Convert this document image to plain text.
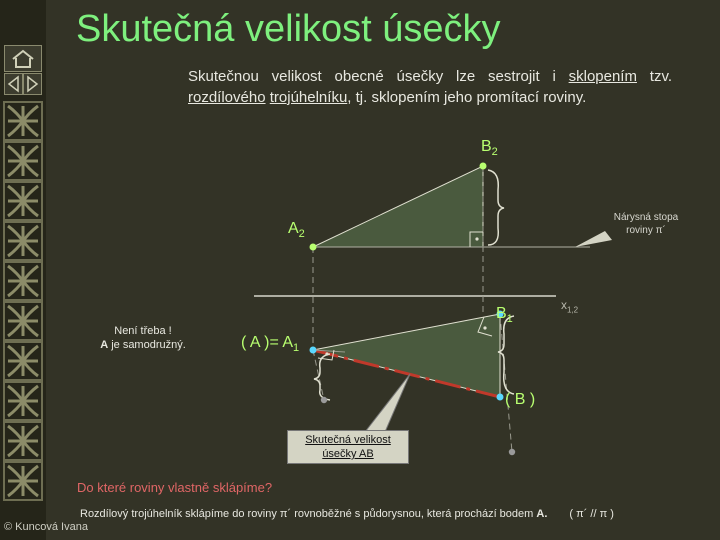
Skutečná velikost úsečky
Skutečnou velikost obecné úsečky lze sestrojit i sklopením tzv. rozdílového trojúhelníku, tj. sklopením jeho promítací roviny.
$B_2$
$A_2$
$B_1$
( A )= $A_1$
( B )
$x_{1,2}$
Nárysná stopa roviny π´
Není třeba !
A je samodružný.
Skutečná velikost úsečky AB
Do které roviny vlastně sklápíme?
Rozdílový trojúhelník sklápíme do roviny π´ rovnoběžné s půdorysnou, která prochází bodem A. ( π´ // π )
© Kuncová Ivana
